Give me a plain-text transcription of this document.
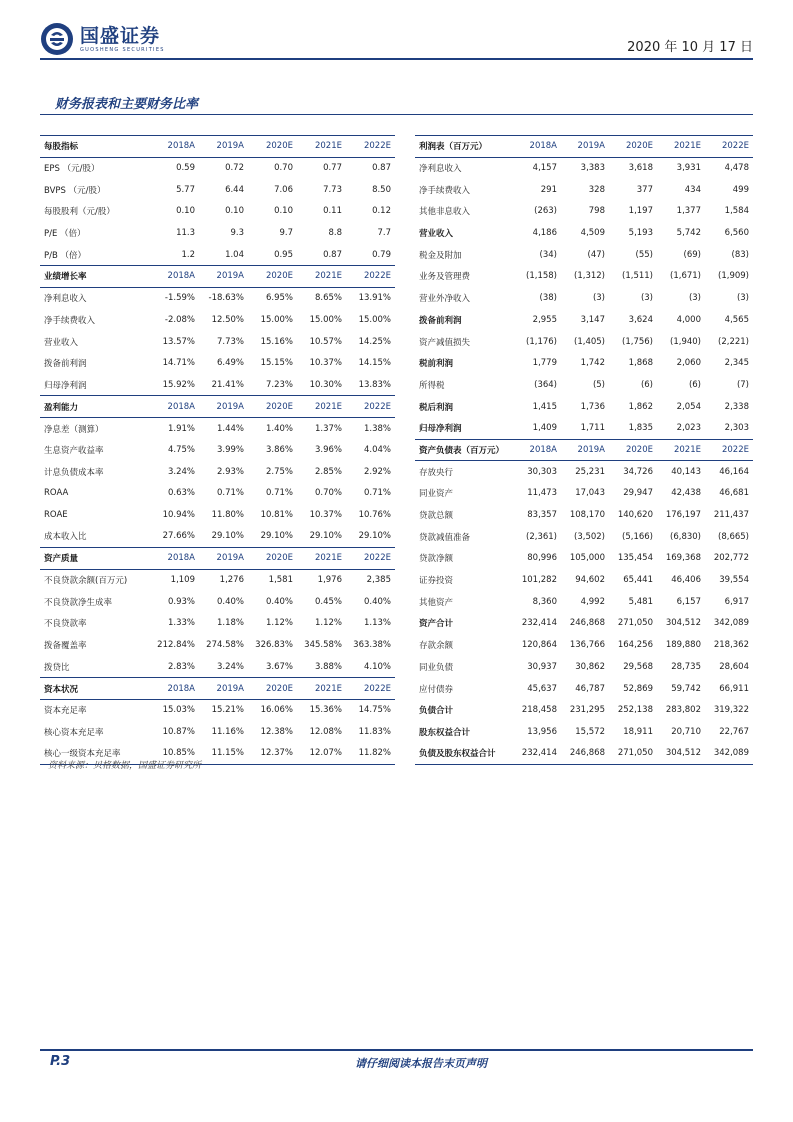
国盛证券
GUOSHENG SECURITIES	2020 年 10 月 17 日
财务报表和主要财务比率
每股指标	2018A	2019A	2020E	2021E	2022E
EPS （元/股）	0.59	0.72	0.70	0.77	0.87
BVPS （元/股）	5.77	6.44	7.06	7.73	8.50
每股股利（元/股）	0.10	0.10	0.10	0.11	0.12
P/E （倍）	11.3	9.3	9.7	8.8	7.7
P/B （倍）	1.2	1.04	0.95	0.87	0.79
业绩增长率	2018A	2019A	2020E	2021E	2022E
净利息收入	-1.59%	-18.63%	6.95%	8.65%	13.91%
净手续费收入	-2.08%	12.50%	15.00%	15.00%	15.00%
营业收入	13.57%	7.73%	15.16%	10.57%	14.25%
拨备前利润	14.71%	6.49%	15.15%	10.37%	14.15%
归母净利润	15.92%	21.41%	7.23%	10.30%	13.83%
盈利能力	2018A	2019A	2020E	2021E	2022E
净息差（测算）	1.91%	1.44%	1.40%	1.37%	1.38%
生息资产收益率	4.75%	3.99%	3.86%	3.96%	4.04%
计息负债成本率	3.24%	2.93%	2.75%	2.85%	2.92%
ROAA	0.63%	0.71%	0.71%	0.70%	0.71%
ROAE	10.94%	11.80%	10.81%	10.37%	10.76%
成本收入比	27.66%	29.10%	29.10%	29.10%	29.10%
资产质量	2018A	2019A	2020E	2021E	2022E
不良贷款余额(百万元)	1,109	1,276	1,581	1,976	2,385
不良贷款净生成率	0.93%	0.40%	0.40%	0.45%	0.40%
不良贷款率	1.33%	1.18%	1.12%	1.12%	1.13%
拨备覆盖率	212.84%	274.58%	326.83%	345.58%	363.38%
拨贷比	2.83%	3.24%	3.67%	3.88%	4.10%
资本状况	2018A	2019A	2020E	2021E	2022E
资本充足率	15.03%	15.21%	16.06%	15.36%	14.75%
核心资本充足率	10.87%	11.16%	12.38%	12.08%	11.83%
核心一级资本充足率	10.85%	11.15%	12.37%	12.07%	11.82%
利润表（百万元）	2018A	2019A	2020E	2021E	2022E
净利息收入	4,157	3,383	3,618	3,931	4,478
净手续费收入	291	328	377	434	499
其他非息收入	(263)	798	1,197	1,377	1,584
营业收入	4,186	4,509	5,193	5,742	6,560
税金及附加	(34)	(47)	(55)	(69)	(83)
业务及管理费	(1,158)	(1,312)	(1,511)	(1,671)	(1,909)
营业外净收入	(38)	(3)	(3)	(3)	(3)
拨备前利润	2,955	3,147	3,624	4,000	4,565
资产减值损失	(1,176)	(1,405)	(1,756)	(1,940)	(2,221)
税前利润	1,779	1,742	1,868	2,060	2,345
所得税	(364)	(5)	(6)	(6)	(7)
税后利润	1,415	1,736	1,862	2,054	2,338
归母净利润	1,409	1,711	1,835	2,023	2,303
资产负债表（百万元）	2018A	2019A	2020E	2021E	2022E
存放央行	30,303	25,231	34,726	40,143	46,164
同业资产	11,473	17,043	29,947	42,438	46,681
贷款总额	83,357	108,170	140,620	176,197	211,437
贷款减值准备	(2,361)	(3,502)	(5,166)	(6,830)	(8,665)
贷款净额	80,996	105,000	135,454	169,368	202,772
证券投资	101,282	94,602	65,441	46,406	39,554
其他资产	8,360	4,992	5,481	6,157	6,917
资产合计	232,414	246,868	271,050	304,512	342,089
存款余额	120,864	136,766	164,256	189,880	218,362
同业负债	30,937	30,862	29,568	28,735	28,604
应付债券	45,637	46,787	52,869	59,742	66,911
负债合计	218,458	231,295	252,138	283,802	319,322
股东权益合计	13,956	15,572	18,911	20,710	22,767
负债及股东权益合计	232,414	246,868	271,050	304,512	342,089
资料来源：贝格数据，国盛证券研究所
P.3	请仔细阅读本报告末页声明
